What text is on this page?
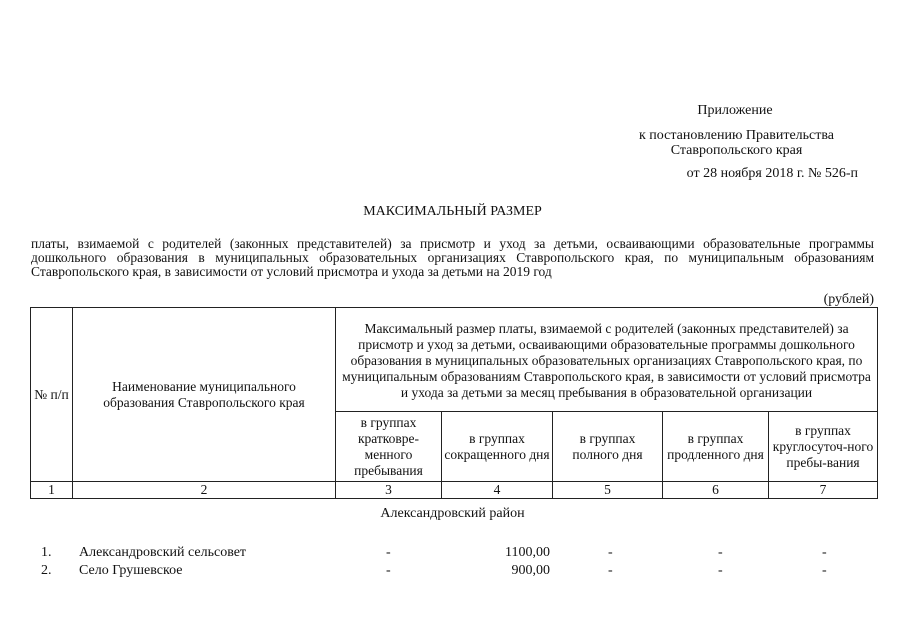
Приложение
к постановлению Правительства
Ставропольского края
от 28 ноября 2018 г. № 526-п
МАКСИМАЛЬНЫЙ РАЗМЕР
платы, взимаемой с родителей (законных представителей) за присмотр и уход за детьми, осваивающими образовательные программы дошкольного образования в муниципальных образовательных организациях Ставропольского края, по муниципальным образованиям Ставропольского края, в зависимости от условий присмотра и ухода за детьми на 2019 год
(рублей)
№ п/п	Наименование муниципального образования Ставропольского края	Максимальный размер платы, взимаемой с родителей (законных представителей) за присмотр и уход за детьми, осваивающими образовательные программы дошкольного образования в муниципальных образовательных организациях Ставропольского края, по муниципальным образованиям Ставропольского края, в зависимости от условий присмотра и ухода за детьми за месяц пребывания в образовательной организации				
		в группах кратковре-менного пребывания	в группах сокращенного дня	в группах полного дня	в группах продленного дня	в группах круглосуточ-ного пребы-вания
1	2	3	4	5	6	7
Александровский район
1. Александровский сельсовет	-	1100,00	-	-	-
2. Село Грушевское	-	900,00	-	-	-
